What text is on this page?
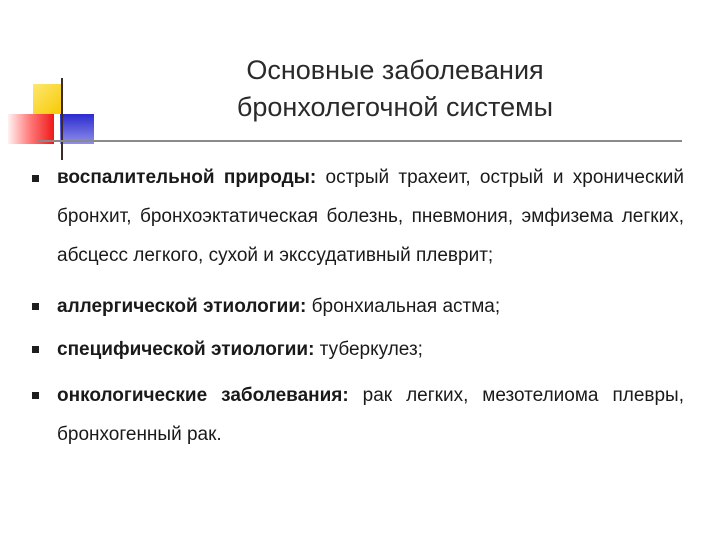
Основные заболевания
бронхолегочной системы

воспалительной природы: острый трахеит, острый и хронический бронхит, бронхоэктатическая болезнь, пневмония, эмфизема легких, абсцесс легкого, сухой и экссудативный плеврит;

аллергической этиологии: бронхиальная астма;

специфической этиологии: туберкулез;

онкологические заболевания: рак легких, мезотелиома плевры, бронхогенный рак.
